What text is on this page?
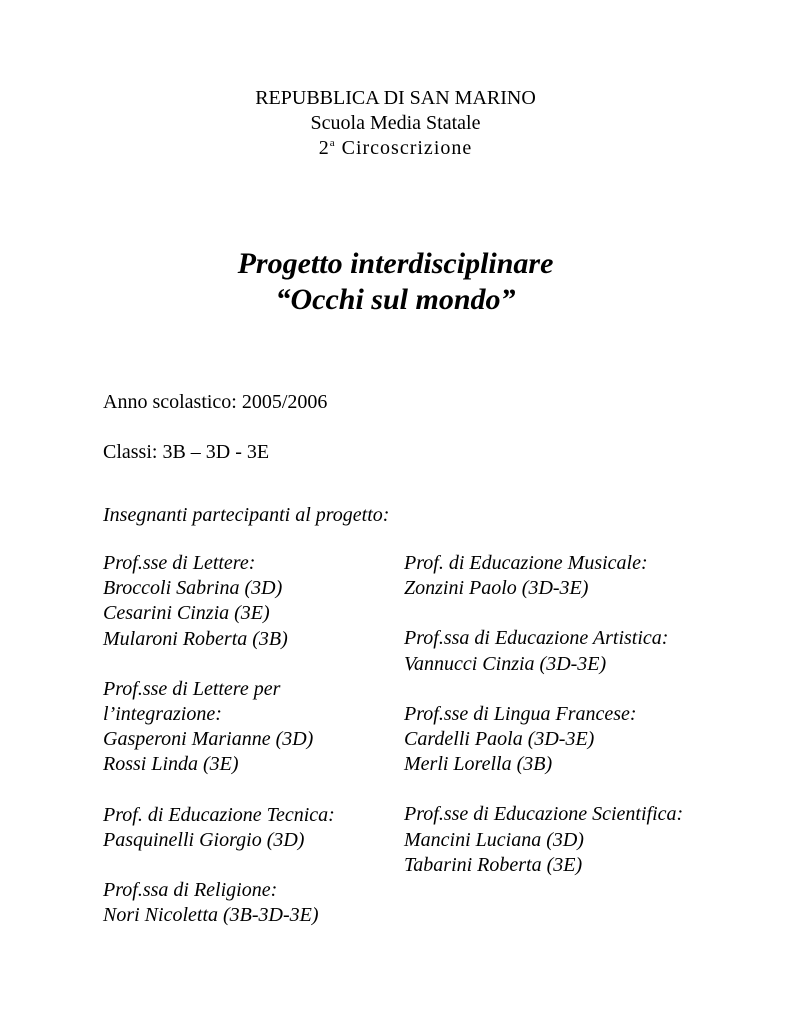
REPUBBLICA DI SAN MARINO
Scuola Media Statale
2$^a$ Circoscrizione
Progetto interdisciplinare
“Occhi sul mondo”
Anno scolastico: 2005/2006
Classi: 3B – 3D - 3E
Insegnanti partecipanti al progetto:
Prof.sse di Lettere:
Broccoli Sabrina (3D)
Cesarini Cinzia (3E)
Mularoni Roberta (3B)
Prof.sse di Lettere per
l’integrazione:
Gasperoni Marianne (3D)
Rossi Linda (3E)
Prof. di Educazione Tecnica:
Pasquinelli Giorgio (3D)
Prof.ssa di Religione:
Nori Nicoletta (3B-3D-3E)
Prof. di Educazione Musicale:
Zonzini Paolo (3D-3E)
Prof.ssa di Educazione Artistica:
Vannucci Cinzia (3D-3E)
Prof.sse di Lingua Francese:
Cardelli Paola (3D-3E)
Merli Lorella (3B)
Prof.sse di Educazione Scientifica:
Mancini Luciana (3D)
Tabarini Roberta (3E)
